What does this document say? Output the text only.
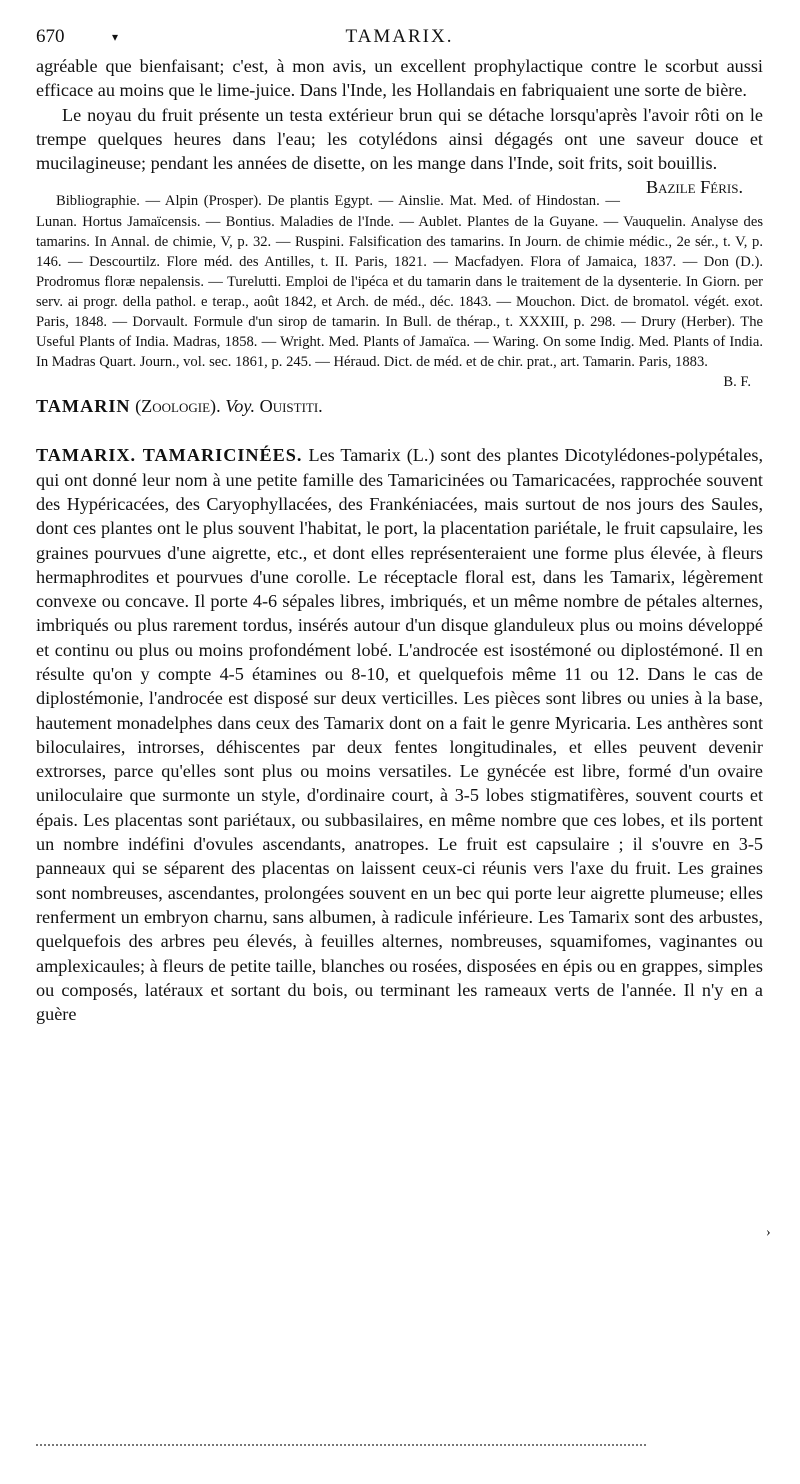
670	TAMARIX.

agréable que bienfaisant; c'est, à mon avis, un excellent prophylactique contre le scorbut aussi efficace au moins que le lime-juice. Dans l'Inde, les Hollandais en fabriquaient une sorte de bière.

Le noyau du fruit présente un testa extérieur brun qui se détache lorsqu'après l'avoir rôti on le trempe quelques heures dans l'eau; les cotylédons ainsi dégagés ont une saveur douce et mucilagineuse; pendant les années de disette, on les mange dans l'Inde, soit frits, soit bouillis.
Bazile Féris.

Bibliographie. — Alpin (Prosper). De plantis Egypt. — Ainslie. Mat. Med. of Hindostan. — Lunan. Hortus Jamaïcensis. — Bontius. Maladies de l'Inde. — Aublet. Plantes de la Guyane. — Vauquelin. Analyse des tamarins. In Annal. de chimie, V, p. 32. — Ruspini. Falsification des tamarins. In Journ. de chimie médic., 2e sér., t. V, p. 146. — Descourtilz. Flore méd. des Antilles, t. II. Paris, 1821. — Macfadyen. Flora of Jamaica, 1837. — Don (D.). Prodromus floræ nepalensis. — Turelutti. Emploi de l'ipéca et du tamarin dans le traitement de la dysenterie. In Giorn. per serv. ai progr. della pathol. e terap., août 1842, et Arch. de méd., déc. 1843. — Mouchon. Dict. de bromatol. végét. exot. Paris, 1848. — Dorvault. Formule d'un sirop de tamarin. In Bull. de thérap., t. XXXIII, p. 298. — Drury (Herber). The Useful Plants of India. Madras, 1858. — Wright. Med. Plants of Jamaïca. — Waring. On some Indig. Med. Plants of India. In Madras Quart. Journ., vol. sec. 1861, p. 245. — Héraud. Dict. de méd. et de chir. prat., art. Tamarin. Paris, 1883.
B. F.

TAMARIN (Zoologie). Voy. Ouistiti.
TAMARIX. TAMARICINÉES. Les Tamarix (L.) sont des plantes Dicotylédones-polypétales, qui ont donné leur nom à une petite famille des Tamaricinées ou Tamaricacées, rapprochée souvent des Hypéricacées, des Caryophyllacées, des Frankéniacées, mais surtout de nos jours des Saules, dont ces plantes ont le plus souvent l'habitat, le port, la placentation pariétale, le fruit capsulaire, les graines pourvues d'une aigrette, etc., et dont elles représenteraient une forme plus élevée, à fleurs hermaphrodites et pourvues d'une corolle. Le réceptacle floral est, dans les Tamarix, légèrement convexe ou concave. Il porte 4-6 sépales libres, imbriqués, et un même nombre de pétales alternes, imbriqués ou plus rarement tordus, insérés autour d'un disque glanduleux plus ou moins développé et continu ou plus ou moins profondément lobé. L'androcée est isostémoné ou diplostémoné. Il en résulte qu'on y compte 4-5 étamines ou 8-10, et quelquefois même 11 ou 12. Dans le cas de diplostémonie, l'androcée est disposé sur deux verticilles. Les pièces sont libres ou unies à la base, hautement monadelphes dans ceux des Tamarix dont on a fait le genre Myricaria. Les anthères sont biloculaires, introrses, déhiscentes par deux fentes longitudinales, et elles peuvent devenir extrorses, parce qu'elles sont plus ou moins versatiles. Le gynécée est libre, formé d'un ovaire uniloculaire que surmonte un style, d'ordinaire court, à 3-5 lobes stigmatifères, souvent courts et épais. Les placentas sont pariétaux, ou subbasilaires, en même nombre que ces lobes, et ils portent un nombre indéfini d'ovules ascendants, anatropes. Le fruit est capsulaire ; il s'ouvre en 3-5 panneaux qui se séparent des placentas on laissent ceux-ci réunis vers l'axe du fruit. Les graines sont nombreuses, ascendantes, prolongées souvent en un bec qui porte leur aigrette plumeuse; elles renferment un embryon charnu, sans albumen, à radicule inférieure. Les Tamarix sont des arbustes, quelquefois des arbres peu élevés, à feuilles alternes, nombreuses, squamifomes, vaginantes ou amplexicaules; à fleurs de petite taille, blanches ou rosées, disposées en épis ou en grappes, simples ou composés, latéraux et sortant du bois, ou terminant les rameaux verts de l'année. Il n'y en a guère
▾
›
